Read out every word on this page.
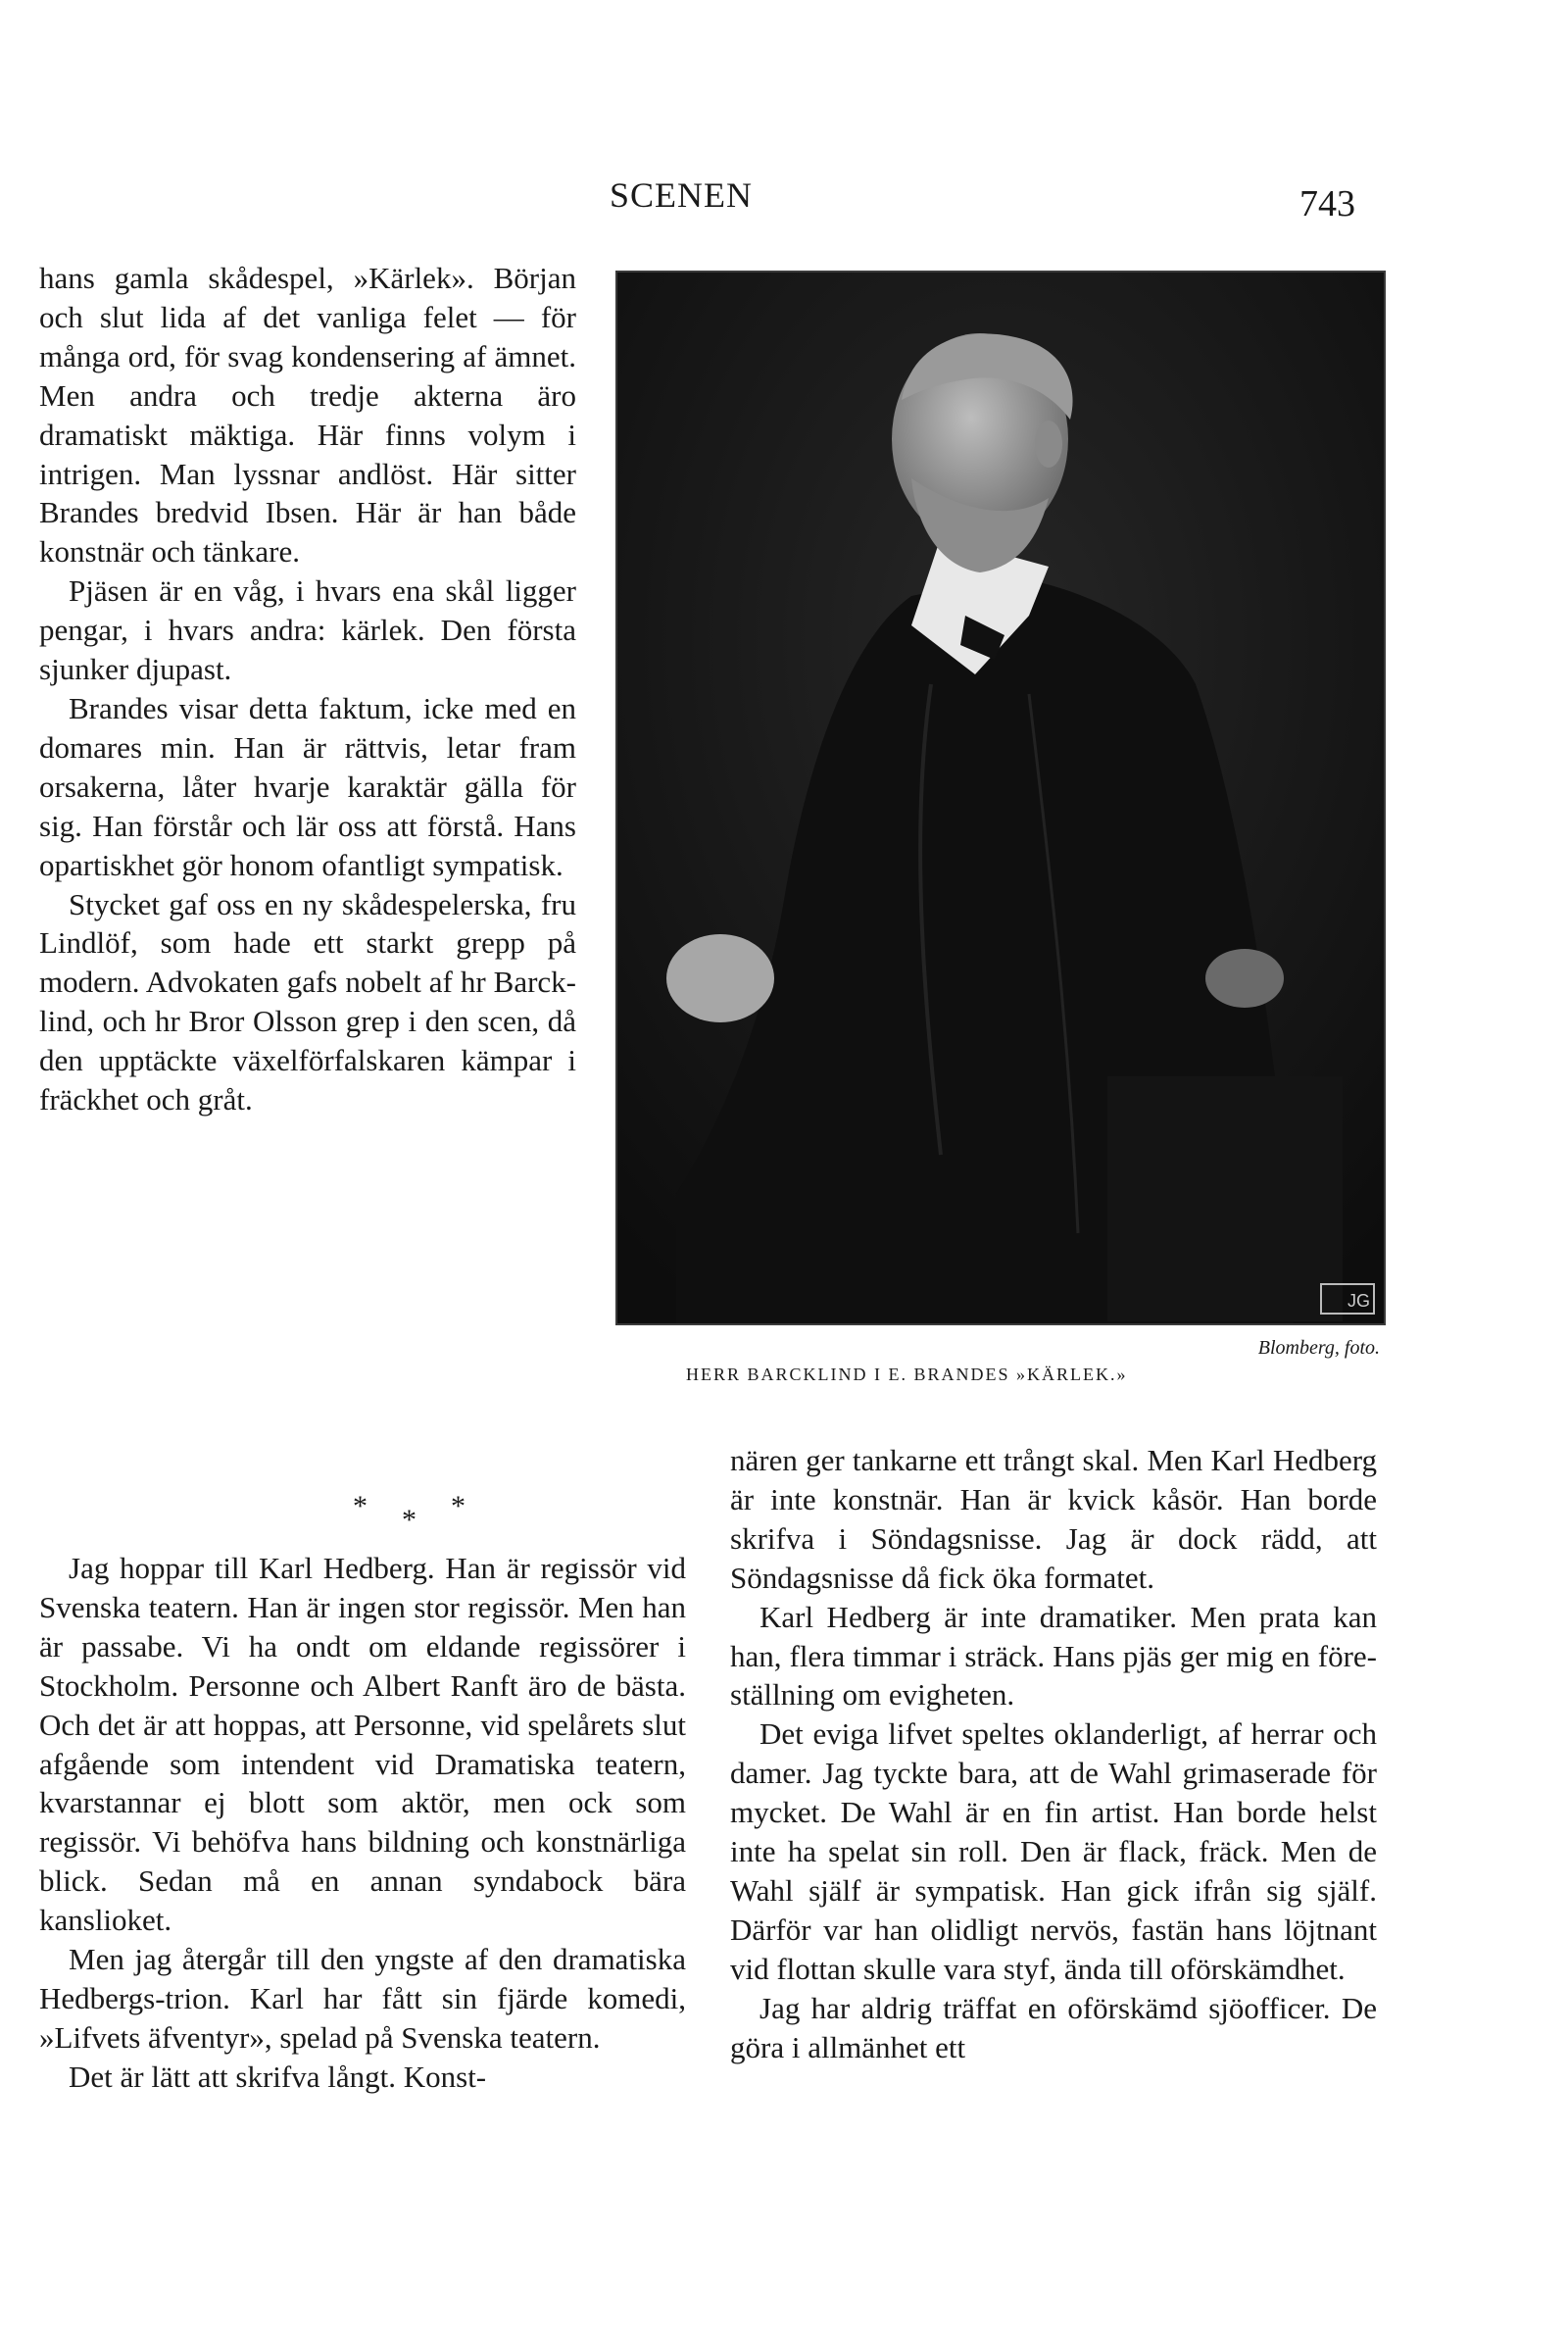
SCENEN	743

hans gamla skådespel, »Kärlek». Början och slut lida af det vanliga felet — för många ord, för svag kondensering af ämnet. Men andra och tredje akterna äro dramatiskt mäktiga. Här finns volym i intrigen. Man lyssnar andlöst. Här sitter Brandes bredvid Ibsen. Här är han både konstnär och tänkare.

Pjäsen är en våg, i hvars ena skål ligger pengar, i hvars andra: kärlek. Den första sjunker djupast.

Brandes visar detta faktum, icke med en domares min. Han är rättvis, letar fram orsakerna, låter hvarje karaktär gälla för sig. Han förstår och lär oss att förstå. Hans opartiskhet gör honom ofantligt sympatisk.

Stycket gaf oss en ny skådespelerska, fru Lindlöf, som hade ett starkt grepp på modern. Advokaten gafs nobelt af hr Barcklind, och hr Bror Olsson grep i den scen, då den upptäckte växelförfalskaren kämpar i fräckhet och gråt.

JG
Blomberg, foto.
HERR BARCKLIND I E. BRANDES »KÄRLEK.»
* * *

Jag hoppar till Karl Hedberg. Han är regissör vid Svenska teatern. Han är ingen stor regissör. Men han är passabe. Vi ha ondt om eldande regissörer i Stockholm. Personne och Albert Ranft äro de bästa. Och det är att hoppas, att Personne, vid spelårets slut afgående som intendent vid Dramatiska teatern, kvarstannar ej blott som aktör, men ock som regissör. Vi behöfva hans bildning och konstnärliga blick. Sedan må en annan syndabock bära kanslioket.

Men jag återgår till den yngste af den dramatiska Hedbergs-trion. Karl har fått sin fjärde komedi, »Lifvets äfventyr», spelad på Svenska teatern.

Det är lätt att skrifva långt. Konst-

nären ger tankarne ett trångt skal. Men Karl Hedberg är inte konstnär. Han är kvick kåsör. Han borde skrifva i Söndagsnisse. Jag är dock rädd, att Söndagsnisse då fick öka formatet.

Karl Hedberg är inte dramatiker. Men prata kan han, flera timmar i sträck. Hans pjäs ger mig en föreställning om evigheten.

Det eviga lifvet speltes oklanderligt, af herrar och damer. Jag tyckte bara, att de Wahl grimaserade för mycket. De Wahl är en fin artist. Han borde helst inte ha spelat sin roll. Den är flack, fräck. Men de Wahl själf är sympatisk. Han gick ifrån sig själf. Därför var han olidligt nervös, fastän hans löjtnant vid flottan skulle vara styf, ända till oförskämdhet.

Jag har aldrig träffat en oförskämd sjöofficer. De göra i allmänhet ett
